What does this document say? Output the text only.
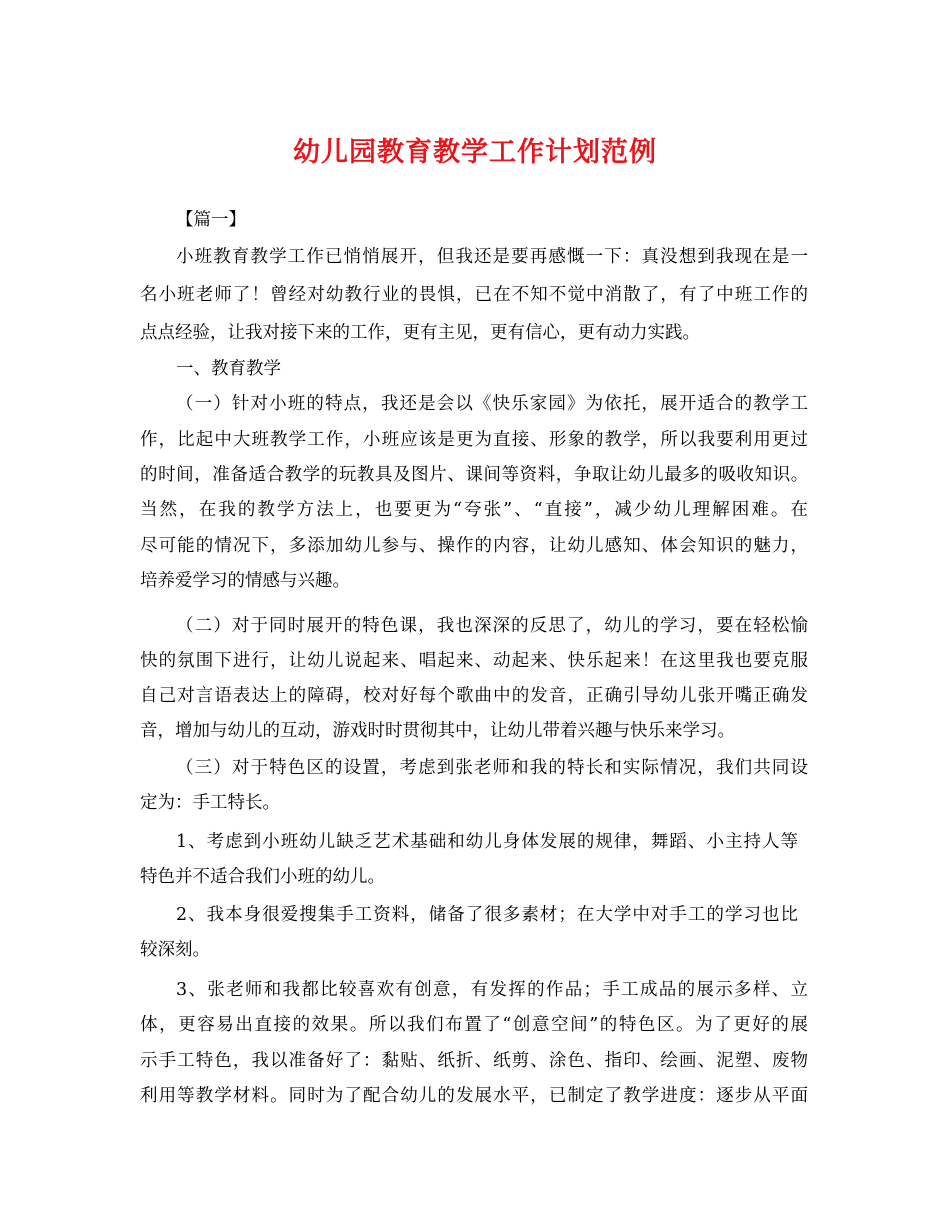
幼儿园教育教学工作计划范例
【篇一】
小班教育教学工作已悄悄展开，但我还是要再感慨一下：真没想到我现在是一
名小班老师了！曾经对幼教行业的畏惧，已在不知不觉中消散了，有了中班工作的
点点经验，让我对接下来的工作，更有主见，更有信心，更有动力实践。
一、教育教学
（一）针对小班的特点，我还是会以《快乐家园》为依托，展开适合的教学工
作，比起中大班教学工作，小班应该是更为直接、形象的教学，所以我要利用更过
的时间，准备适合教学的玩教具及图片、课间等资料，争取让幼儿最多的吸收知识。
当然，在我的教学方法上，也要更为“夸张”、“直接”，减少幼儿理解困难。在
尽可能的情况下，多添加幼儿参与、操作的内容，让幼儿感知、体会知识的魅力，
培养爱学习的情感与兴趣。
（二）对于同时展开的特色课，我也深深的反思了，幼儿的学习，要在轻松愉
快的氛围下进行，让幼儿说起来、唱起来、动起来、快乐起来！在这里我也要克服
自己对言语表达上的障碍，校对好每个歌曲中的发音，正确引导幼儿张开嘴正确发
音，增加与幼儿的互动，游戏时时贯彻其中，让幼儿带着兴趣与快乐来学习。
（三）对于特色区的设置，考虑到张老师和我的特长和实际情况，我们共同设
定为：手工特长。
1、考虑到小班幼儿缺乏艺术基础和幼儿身体发展的规律，舞蹈、小主持人等
特色并不适合我们小班的幼儿。
2、我本身很爱搜集手工资料，储备了很多素材；在大学中对手工的学习也比
较深刻。
3、张老师和我都比较喜欢有创意，有发挥的作品；手工成品的展示多样、立
体，更容易出直接的效果。所以我们布置了“创意空间”的特色区。为了更好的展
示手工特色，我以准备好了：黏贴、纸折、纸剪、涂色、指印、绘画、泥塑、废物
利用等教学材料。同时为了配合幼儿的发展水平，已制定了教学进度：逐步从平面
